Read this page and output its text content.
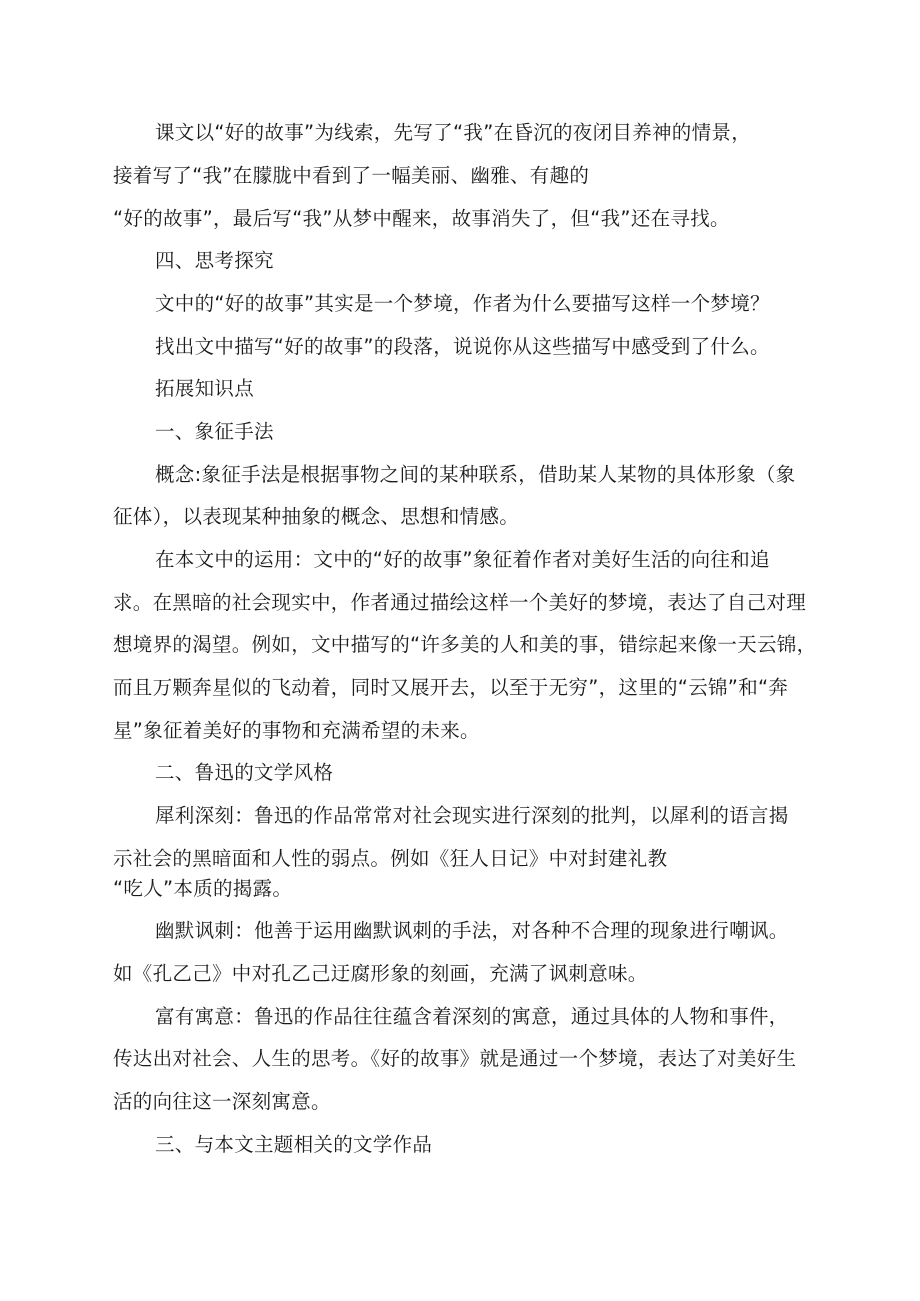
课文以“好的故事”为线索，先写了“我”在昏沉的夜闭目养神的情景，
接着写了“我”在朦胧中看到了一幅美丽、幽雅、有趣的
“好的故事”，最后写“我”从梦中醒来，故事消失了，但“我”还在寻找。
四、思考探究
文中的“好的故事”其实是一个梦境，作者为什么要描写这样一个梦境？
找出文中描写“好的故事”的段落，说说你从这些描写中感受到了什么。
拓展知识点
一、象征手法
概念:象征手法是根据事物之间的某种联系，借助某人某物的具体形象（象
征体），以表现某种抽象的概念、思想和情感。
在本文中的运用：文中的“好的故事”象征着作者对美好生活的向往和追
求。在黑暗的社会现实中，作者通过描绘这样一个美好的梦境，表达了自己对理
想境界的渴望。例如，文中描写的“许多美的人和美的事，错综起来像一天云锦，
而且万颗奔星似的飞动着，同时又展开去，以至于无穷”，这里的“云锦”和“奔
星”象征着美好的事物和充满希望的未来。
二、鲁迅的文学风格
犀利深刻：鲁迅的作品常常对社会现实进行深刻的批判，以犀利的语言揭
示社会的黑暗面和人性的弱点。例如《狂人日记》中对封建礼教
“吃人”本质的揭露。
幽默讽刺：他善于运用幽默讽刺的手法，对各种不合理的现象进行嘲讽。
如《孔乙己》中对孔乙己迂腐形象的刻画，充满了讽刺意味。
富有寓意：鲁迅的作品往往蕴含着深刻的寓意，通过具体的人物和事件，
传达出对社会、人生的思考。《好的故事》就是通过一个梦境，表达了对美好生
活的向往这一深刻寓意。
三、与本文主题相关的文学作品
